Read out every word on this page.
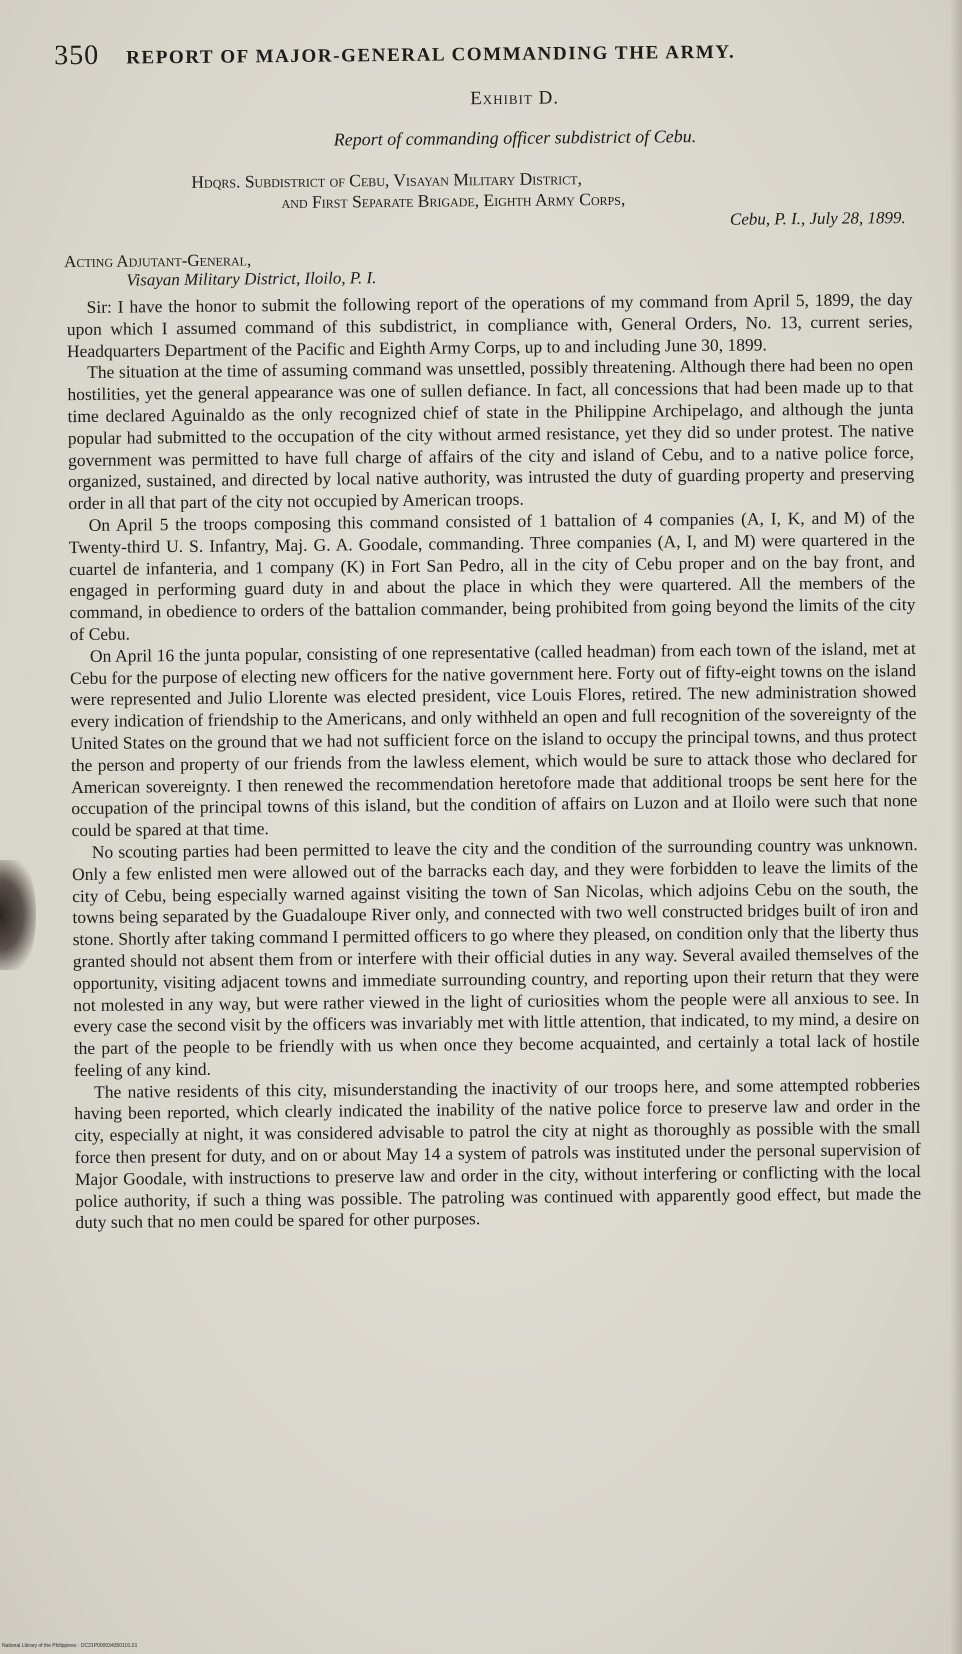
350	REPORT OF MAJOR-GENERAL COMMANDING THE ARMY.
Exhibit D.
Report of commanding officer subdistrict of Cebu.
Hdqrs. Subdistrict of Cebu, Visayan Military District,
and First Separate Brigade, Eighth Army Corps,
Cebu, P. I., July 28, 1899.
Acting Adjutant-General,
Visayan Military District, Iloilo, P. I.

Sir: I have the honor to submit the following report of the operations of my command from April 5, 1899, the day upon which I assumed command of this subdistrict, in compliance with, General Orders, No. 13, current series, Headquarters Department of the Pacific and Eighth Army Corps, up to and including June 30, 1899.

The situation at the time of assuming command was unsettled, possibly threatening. Although there had been no open hostilities, yet the general appearance was one of sullen defiance. In fact, all concessions that had been made up to that time declared Aguinaldo as the only recognized chief of state in the Philippine Archipelago, and although the junta popular had submitted to the occupation of the city without armed resistance, yet they did so under protest. The native government was permitted to have full charge of affairs of the city and island of Cebu, and to a native police force, organized, sustained, and directed by local native authority, was intrusted the duty of guarding property and preserving order in all that part of the city not occupied by American troops.

On April 5 the troops composing this command consisted of 1 battalion of 4 companies (A, I, K, and M) of the Twenty-third U. S. Infantry, Maj. G. A. Goodale, commanding. Three companies (A, I, and M) were quartered in the cuartel de infanteria, and 1 company (K) in Fort San Pedro, all in the city of Cebu proper and on the bay front, and engaged in performing guard duty in and about the place in which they were quartered. All the members of the command, in obedience to orders of the battalion commander, being prohibited from going beyond the limits of the city of Cebu.

On April 16 the junta popular, consisting of one representative (called headman) from each town of the island, met at Cebu for the purpose of electing new officers for the native government here. Forty out of fifty-eight towns on the island were represented and Julio Llorente was elected president, vice Louis Flores, retired. The new administration showed every indication of friendship to the Americans, and only withheld an open and full recognition of the sovereignty of the United States on the ground that we had not sufficient force on the island to occupy the principal towns, and thus protect the person and property of our friends from the lawless element, which would be sure to attack those who declared for American sovereignty. I then renewed the recommendation heretofore made that additional troops be sent here for the occupation of the principal towns of this island, but the condition of affairs on Luzon and at Iloilo were such that none could be spared at that time.

No scouting parties had been permitted to leave the city and the condition of the surrounding country was unknown. Only a few enlisted men were allowed out of the barracks each day, and they were forbidden to leave the limits of the city of Cebu, being especially warned against visiting the town of San Nicolas, which adjoins Cebu on the south, the towns being separated by the Guadaloupe River only, and connected with two well constructed bridges built of iron and stone. Shortly after taking command I permitted officers to go where they pleased, on condition only that the liberty thus granted should not absent them from or interfere with their official duties in any way. Several availed themselves of the opportunity, visiting adjacent towns and immediate surrounding country, and reporting upon their return that they were not molested in any way, but were rather viewed in the light of curiosities whom the people were all anxious to see. In every case the second visit by the officers was invariably met with little attention, that indicated, to my mind, a desire on the part of the people to be friendly with us when once they become acquainted, and certainly a total lack of hostile feeling of any kind.

The native residents of this city, misunderstanding the inactivity of our troops here, and some attempted robberies having been reported, which clearly indicated the inability of the native police force to preserve law and order in the city, especially at night, it was considered advisable to patrol the city at night as thoroughly as possible with the small force then present for duty, and on or about May 14 a system of patrols was instituted under the personal supervision of Major Goodale, with instructions to preserve law and order in the city, without interfering or conflicting with the local police authority, if such a thing was possible. The patroling was continued with apparently good effect, but made the duty such that no men could be spared for other purposes.

National Library of the Philippines · DC21P000034350101.01
